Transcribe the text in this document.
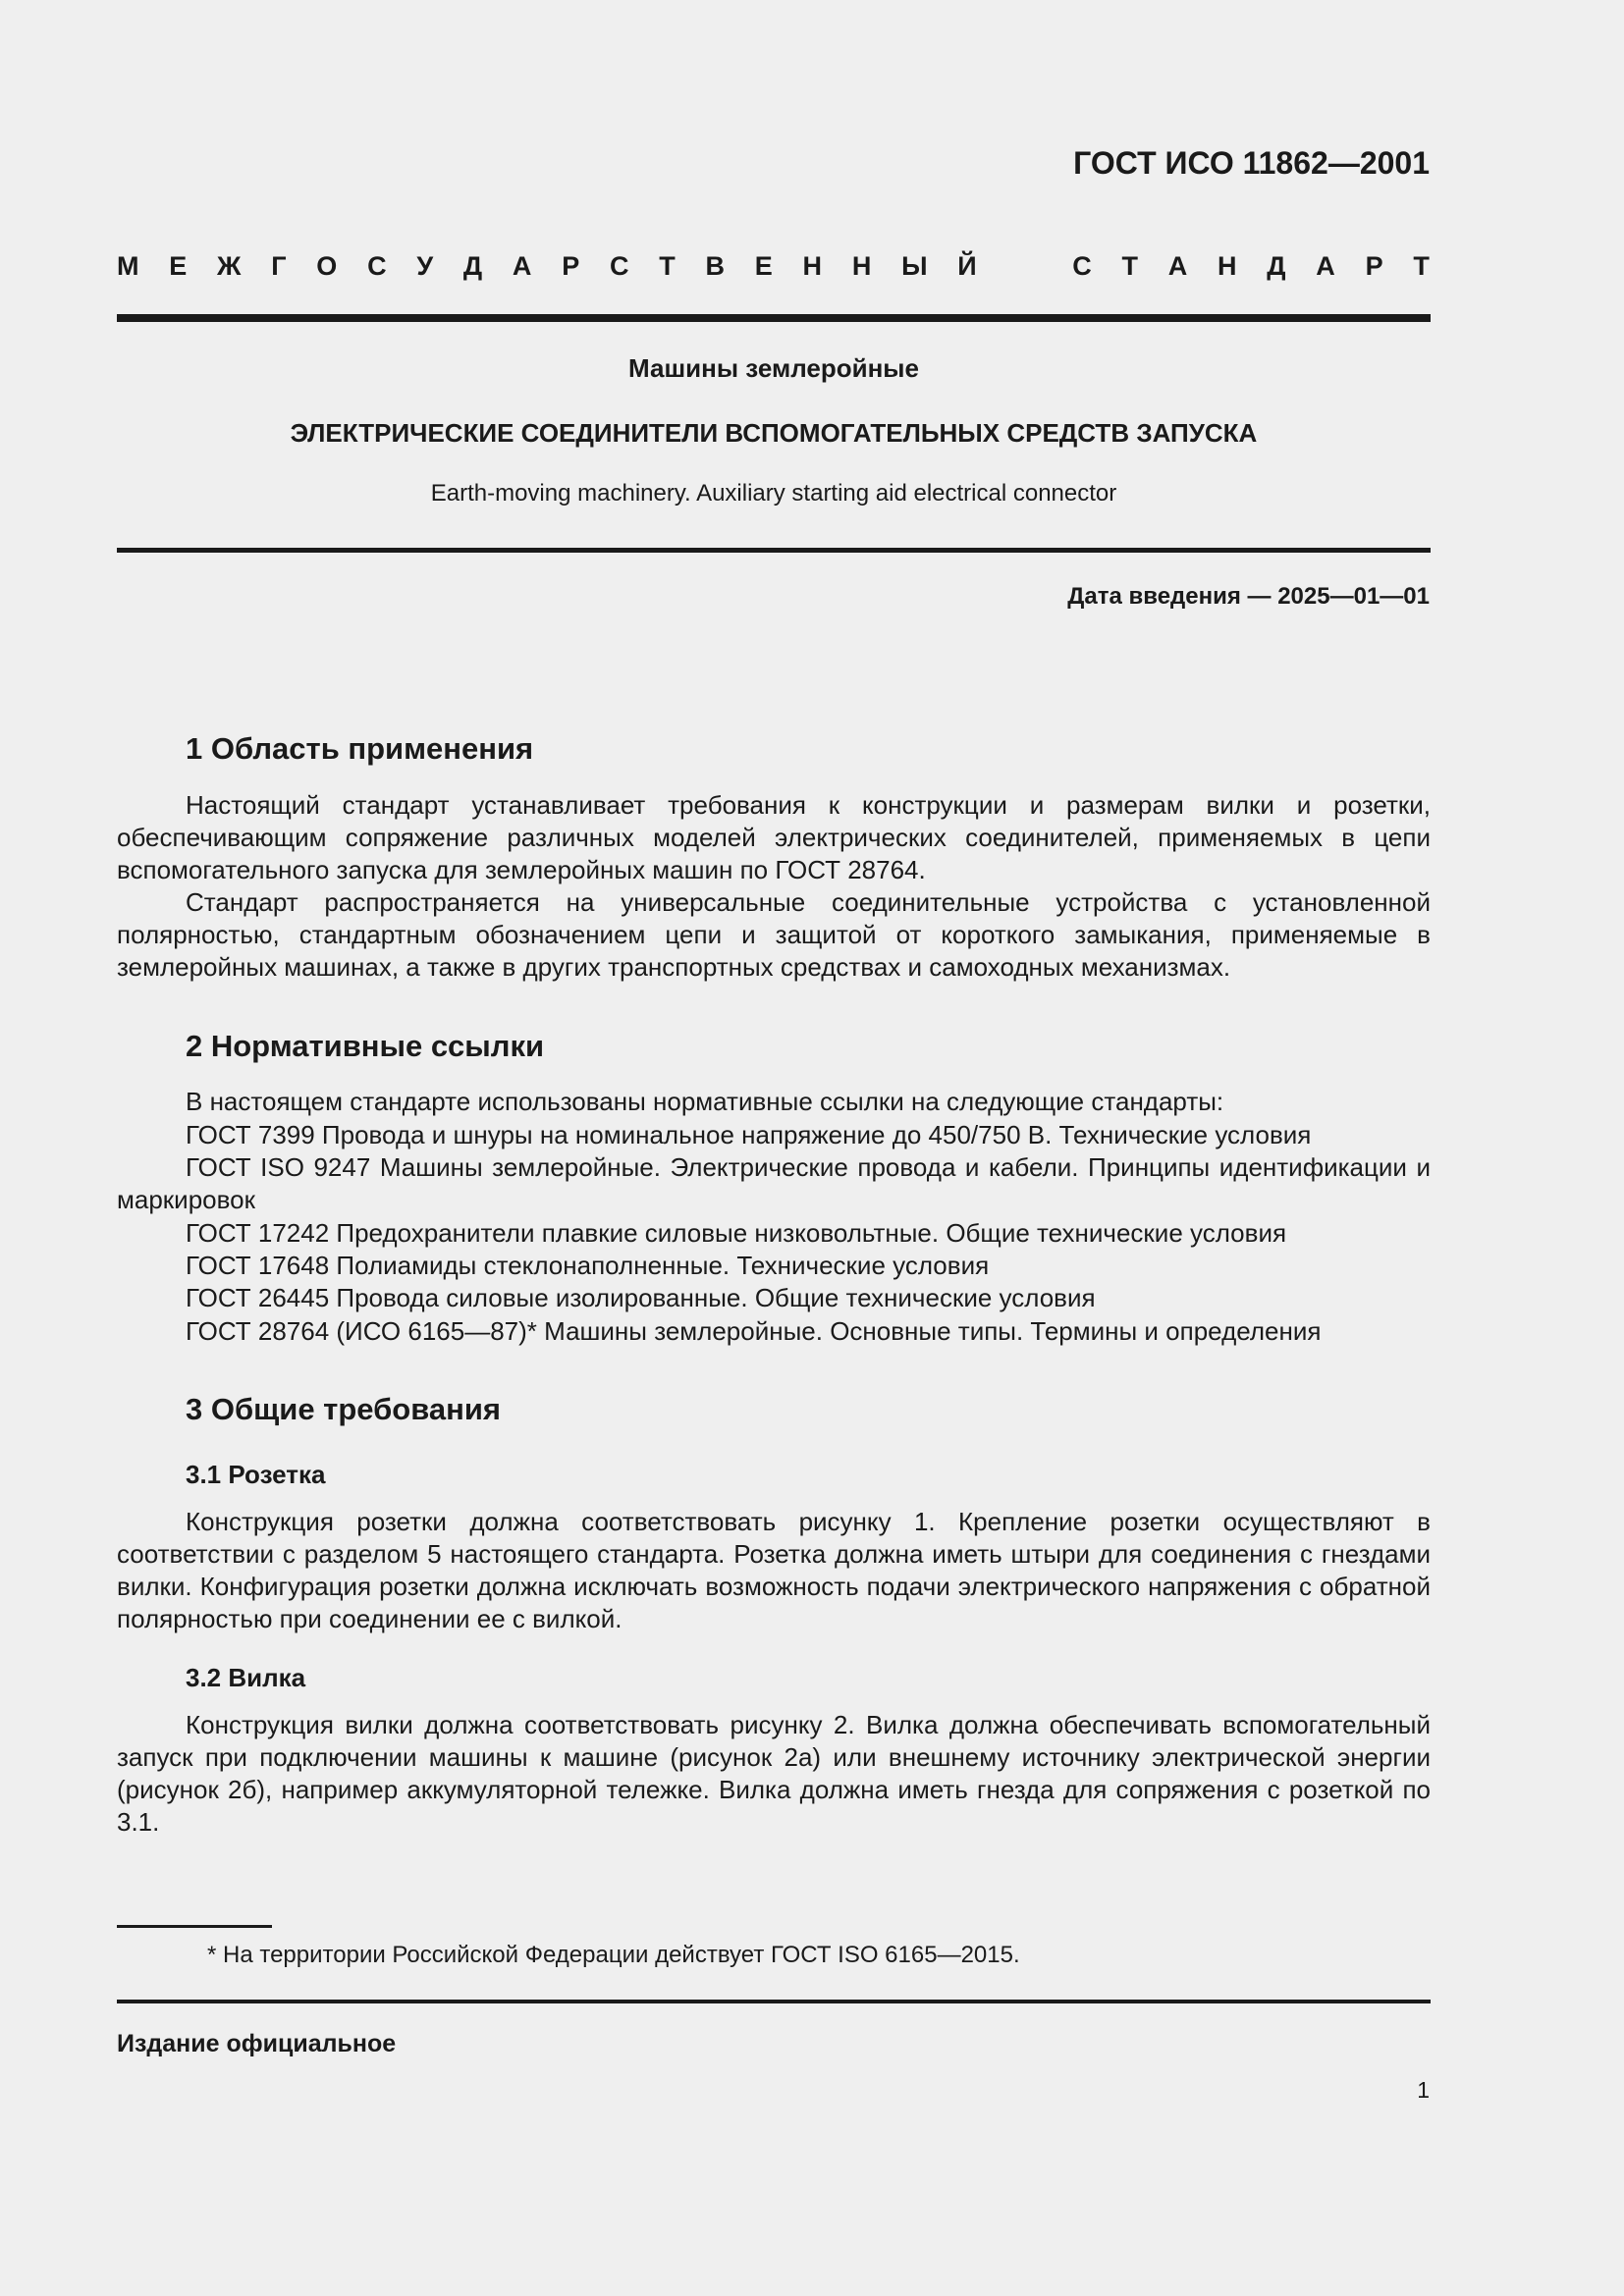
ГОСТ ИСО 11862—2001
М Е Ж Г О С У Д А Р С Т В Е Н Н Ы Й	С Т А Н Д А Р Т
Машины землеройные
ЭЛЕКТРИЧЕСКИЕ СОЕДИНИТЕЛИ ВСПОМОГАТЕЛЬНЫХ СРЕДСТВ ЗАПУСКА
Earth-moving machinery. Auxiliary starting aid electrical connector
Дата введения — 2025—01—01
1 Область применения

Настоящий стандарт устанавливает требования к конструкции и размерам вилки и розетки, обеспечивающим сопряжение различных моделей электрических соединителей, применяемых в цепи вспомогательного запуска для землеройных машин по ГОСТ 28764.

Стандарт распространяется на универсальные соединительные устройства с установленной полярностью, стандартным обозначением цепи и защитой от короткого замыкания, применяемые в землеройных машинах, а также в других транспортных средствах и самоходных механизмах.

2 Нормативные ссылки

В настоящем стандарте использованы нормативные ссылки на следующие стандарты:

ГОСТ 7399 Провода и шнуры на номинальное напряжение до 450/750 В. Технические условия

ГОСТ ISO 9247 Машины землеройные. Электрические провода и кабели. Принципы идентификации и маркировок

ГОСТ 17242 Предохранители плавкие силовые низковольтные. Общие технические условия

ГОСТ 17648 Полиамиды стеклонаполненные. Технические условия

ГОСТ 26445 Провода силовые изолированные. Общие технические условия

ГОСТ 28764 (ИСО 6165—87)* Машины землеройные. Основные типы. Термины и определения

3 Общие требования
3.1 Розетка

Конструкция розетки должна соответствовать рисунку 1. Крепление розетки осуществляют в соответствии с разделом 5 настоящего стандарта. Розетка должна иметь штыри для соединения с гнездами вилки. Конфигурация розетки должна исключать возможность подачи электрического напряжения с обратной полярностью при соединении ее с вилкой.

3.2 Вилка

Конструкция вилки должна соответствовать рисунку 2. Вилка должна обеспечивать вспомогательный запуск при подключении машины к машине (рисунок 2а) или внешнему источнику электрической энергии (рисунок 2б), например аккумуляторной тележке. Вилка должна иметь гнезда для сопряжения с розеткой по 3.1.

* На территории Российской Федерации действует ГОСТ ISO 6165—2015.
Издание официальное
1
